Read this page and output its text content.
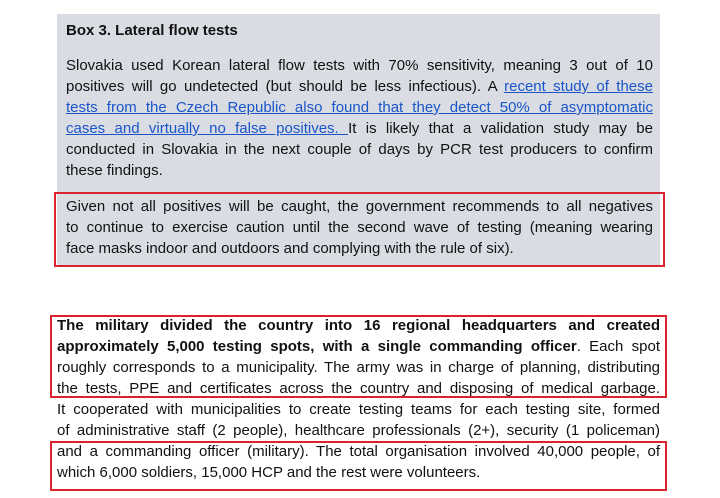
Box 3. Lateral flow tests

Slovakia used Korean lateral flow tests with 70% sensitivity, meaning 3 out of 10
positives will go undetected (but should be less infectious). A recent study of these
tests from the Czech Republic also found that they detect 50% of asymptomatic
cases and virtually no false positives. It is likely that a validation study may be
conducted in Slovakia in the next couple of days by PCR test producers to confirm
these findings.

Given not all positives will be caught, the government recommends to all negatives
to continue to exercise caution until the second wave of testing (meaning wearing
face masks indoor and outdoors and complying with the rule of six).

The military divided the country into 16 regional headquarters and created
approximately 5,000 testing spots, with a single commanding officer. Each spot
roughly corresponds to a municipality. The army was in charge of planning, distributing
the tests, PPE and certificates across the country and disposing of medical garbage.
It cooperated with municipalities to create testing teams for each testing site, formed
of administrative staff (2 people), healthcare professionals (2+), security (1 policeman)
and a commanding officer (military). The total organisation involved 40,000 people, of
which 6,000 soldiers, 15,000 HCP and the rest were volunteers.
